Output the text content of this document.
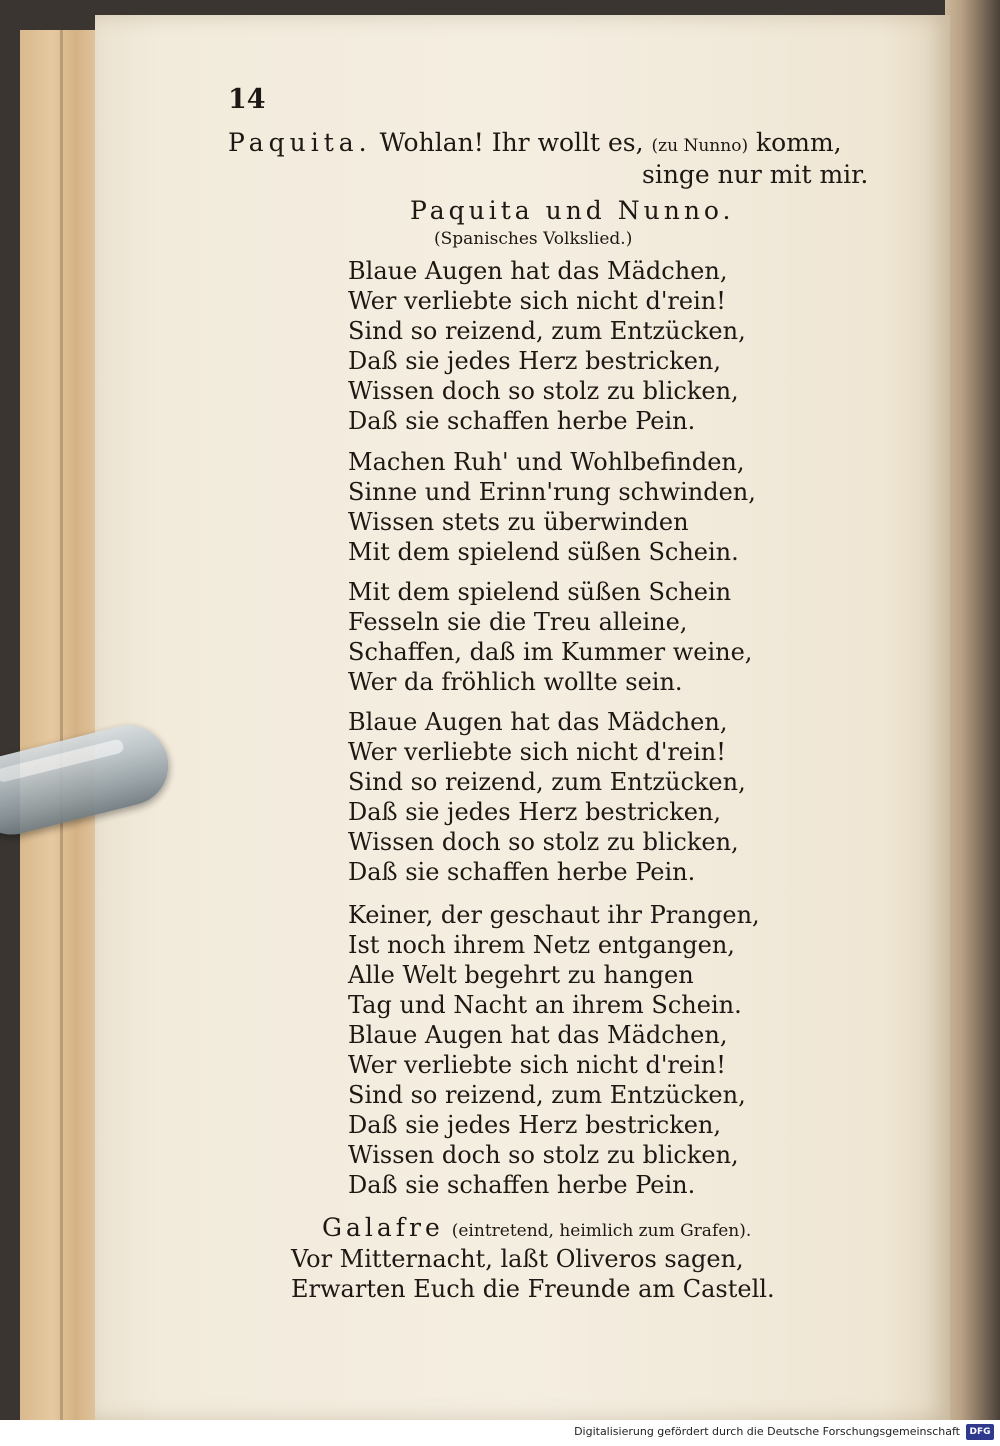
14
Paquita. Wohlan! Ihr wollt es, (zu Nunno) komm,
singe nur mit mir.
Paquita und Nunno.
(Spanisches Volkslied.)
Blaue Augen hat das Mädchen,
Wer verliebte sich nicht d'rein!
Sind so reizend, zum Entzücken,
Daß sie jedes Herz bestricken,
Wissen doch so stolz zu blicken,
Daß sie schaffen herbe Pein.
Machen Ruh' und Wohlbefinden,
Sinne und Erinn'rung schwinden,
Wissen stets zu überwinden
Mit dem spielend süßen Schein.
Mit dem spielend süßen Schein
Fesseln sie die Treu alleine,
Schaffen, daß im Kummer weine,
Wer da fröhlich wollte sein.
Blaue Augen hat das Mädchen,
Wer verliebte sich nicht d'rein!
Sind so reizend, zum Entzücken,
Daß sie jedes Herz bestricken,
Wissen doch so stolz zu blicken,
Daß sie schaffen herbe Pein.
Keiner, der geschaut ihr Prangen,
Ist noch ihrem Netz entgangen,
Alle Welt begehrt zu hangen
Tag und Nacht an ihrem Schein.
Blaue Augen hat das Mädchen,
Wer verliebte sich nicht d'rein!
Sind so reizend, zum Entzücken,
Daß sie jedes Herz bestricken,
Wissen doch so stolz zu blicken,
Daß sie schaffen herbe Pein.
Galafre (eintretend, heimlich zum Grafen).
Vor Mitternacht, laßt Oliveros sagen,
Erwarten Euch die Freunde am Castell.
Digitalisierung gefördert durch die Deutsche Forschungsgemeinschaft	DFG
